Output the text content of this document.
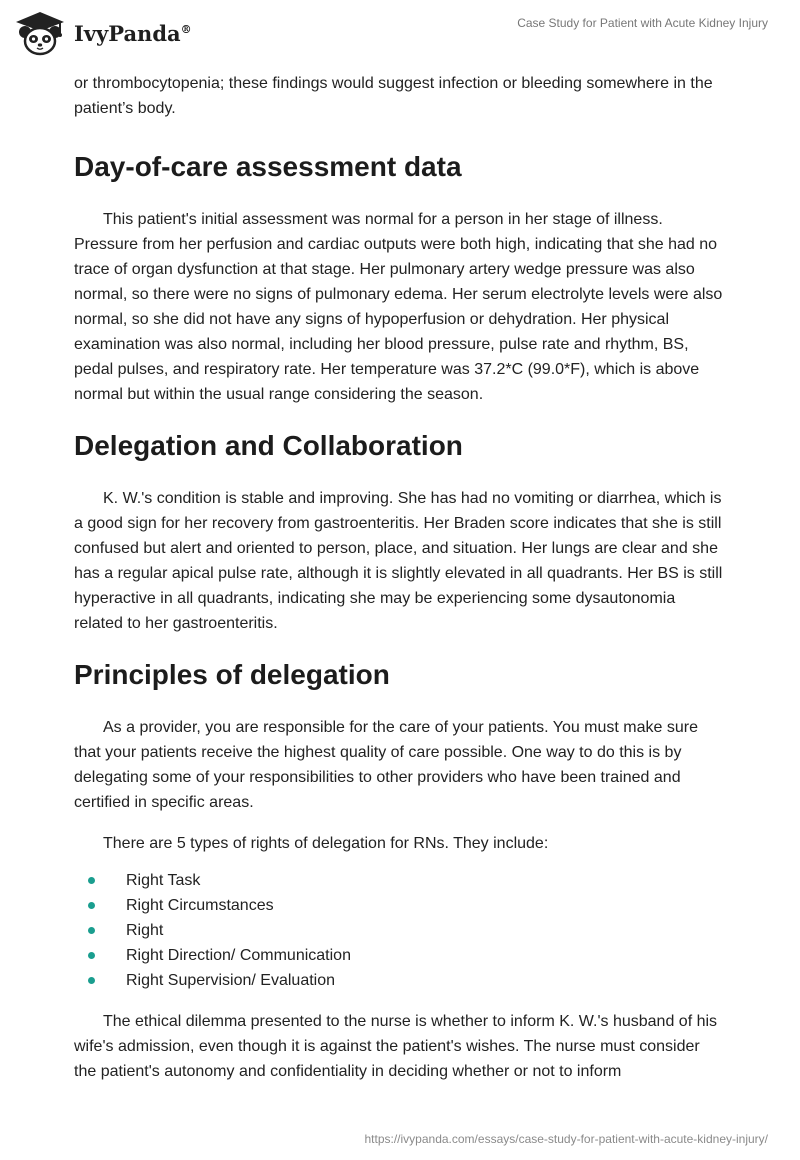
IvyPanda®	Case Study for Patient with Acute Kidney Injury

or thrombocytopenia; these findings would suggest infection or bleeding somewhere in the patient’s body.

Day-of-care assessment data

This patient's initial assessment was normal for a person in her stage of illness. Pressure from her perfusion and cardiac outputs were both high, indicating that she had no trace of organ dysfunction at that stage. Her pulmonary artery wedge pressure was also normal, so there were no signs of pulmonary edema. Her serum electrolyte levels were also normal, so she did not have any signs of hypoperfusion or dehydration. Her physical examination was also normal, including her blood pressure, pulse rate and rhythm, BS, pedal pulses, and respiratory rate. Her temperature was 37.2*C (99.0*F), which is above normal but within the usual range considering the season.

Delegation and Collaboration

K. W.'s condition is stable and improving. She has had no vomiting or diarrhea, which is a good sign for her recovery from gastroenteritis. Her Braden score indicates that she is still confused but alert and oriented to person, place, and situation. Her lungs are clear and she has a regular apical pulse rate, although it is slightly elevated in all quadrants. Her BS is still hyperactive in all quadrants, indicating she may be experiencing some dysautonomia related to her gastroenteritis.

Principles of delegation

As a provider, you are responsible for the care of your patients. You must make sure that your patients receive the highest quality of care possible. One way to do this is by delegating some of your responsibilities to other providers who have been trained and certified in specific areas.

There are 5 types of rights of delegation for RNs. They include:

Right Task
Right Circumstances
Right
Right Direction/ Communication
Right Supervision/ Evaluation

The ethical dilemma presented to the nurse is whether to inform K. W.'s husband of his wife's admission, even though it is against the patient's wishes. The nurse must consider the patient's autonomy and confidentiality in deciding whether or not to inform

https://ivypanda.com/essays/case-study-for-patient-with-acute-kidney-injury/
